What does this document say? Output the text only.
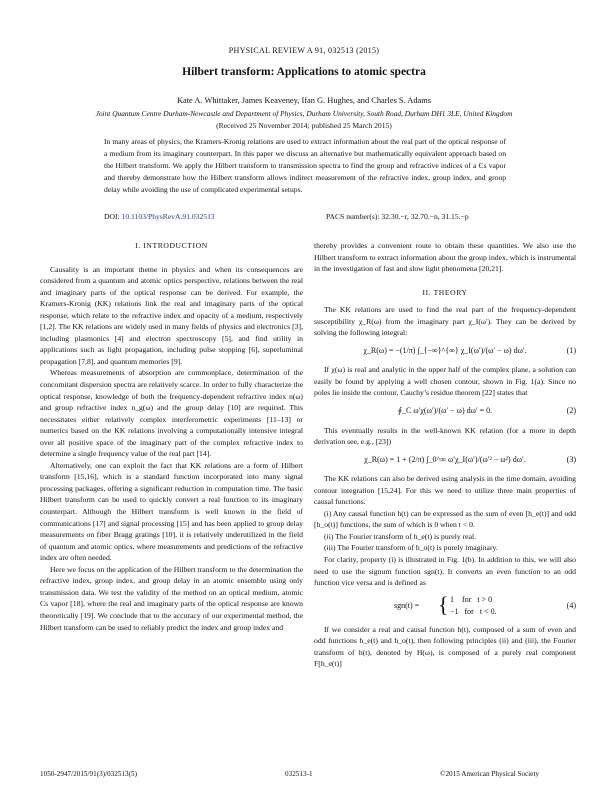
PHYSICAL REVIEW A 91, 032513 (2015)
Hilbert transform: Applications to atomic spectra
Kate A. Whittaker, James Keaveney, Ifan G. Hughes, and Charles S. Adams
Joint Quantum Centre Durham-Newcastle and Department of Physics, Durham University, South Road, Durham DH1 3LE, United Kingdom
(Received 25 November 2014; published 25 March 2015)
In many areas of physics, the Kramers-Kronig relations are used to extract information about the real part of the optical response of a medium from its imaginary counterpart. In this paper we discuss an alternative but mathematically equivalent approach based on the Hilbert transform. We apply the Hilbert transform to transmission spectra to find the group and refractive indices of a Cs vapor and thereby demonstrate how the Hilbert transform allows indirect measurement of the refractive index, group index, and group delay while avoiding the use of complicated experimental setups.
DOI: 10.1103/PhysRevA.91.032513	PACS number(s): 32.30.−r, 32.70.−n, 31.15.−p
I. INTRODUCTION

Causality is an important theme in physics and when its consequences are considered from a quantum and atomic optics perspective, relations between the real and imaginary parts of the optical response can be derived. For example, the Kramers-Kronig (KK) relations link the real and imaginary parts of the optical response, which relate to the refractive index and opacity of a medium, respectively [1,2]. The KK relations are widely used in many fields of physics and electronics [3], including plasmonics [4] and electron spectroscopy [5], and find utility in applications such as light propagation, including pulse stopping [6], superluminal propagation [7,8], and quantum memories [9].

Whereas measurements of absorption are commonplace, determination of the concomitant dispersion spectra are relatively scarce. In order to fully characterize the optical response, knowledge of both the frequency-dependent refractive index n(ω) and group refractive index n_g(ω) and the group delay [10] are required. This necessitates either relatively complex interferometric experiments [11–13] or numerics based on the KK relations involving a computationally intensive integral over all positive space of the imaginary part of the complex refractive index to determine a single frequency value of the real part [14].

Alternatively, one can exploit the fact that KK relations are a form of Hilbert transform [15,16], which is a standard function incorporated into many signal processing packages, offering a significant reduction in computation time. The basic Hilbert transform can be used to quickly convert a real function to its imaginary counterpart. Although the Hilbert transform is well known in the field of communications [17] and signal processing [15] and has been applied to group delay measurements on fiber Bragg gratings [10], it is relatively underutilized in the field of quantum and atomic optics, where measurements and predictions of the refractive index are often needed.

Here we focus on the application of the Hilbert transform to the determination the refractive index, group index, and group delay in an atomic ensemble using only transmission data. We test the validity of the method on an optical medium, atomic Cs vapor [18], where the real and imaginary parts of the optical response are known theoretically [19]. We conclude that to the accuracy of our experimental method, the Hilbert transform can be used to reliably predict the index and group index and

thereby provides a convenient route to obtain these quantities. We also use the Hilbert transform to extract information about the group index, which is instrumental in the investigation of fast and slow light phenomena [20,21].

II. THEORY

The KK relations are used to find the real part of the frequency-dependent susceptibility χ_R(ω) from the imaginary part χ_I(ω′). They can be derived by solving the following integral:

χ_R(ω) = −(1/π) ∫_{−∞}^{∞} χ_I(ω′)/(ω′ − ω) dω′.	(1)

If χ(ω) is real and analytic in the upper half of the complex plane, a solution can easily be found by applying a well chosen contour, shown in Fig. 1(a). Since no poles lie inside the contour, Cauchy’s residue theorem [22] states that

∮_C ω′χ(ω′)/(ω′ − ω) dω′ = 0.	(2)

This eventually results in the well-known KK relation (for a more in depth derivation see, e.g., [23])

χ_R(ω) = 1 + (2/π) ∫_0^∞ ω′χ_I(ω′)/(ω′² − ω²) dω′.	(3)

The KK relations can also be derived using analysis in the time domain, avoiding contour integration [15,24]. For this we need to utilize three main properties of causal functions.

(i) Any causal function h(t) can be expressed as the sum of even [h_e(t)] and odd [h_o(t)] functions, the sum of which is 0 when t < 0.

(ii) The Fourier transform of h_e(t) is purely real.

(iii) The Fourier transform of h_o(t) is purely imaginary.

For clarity, property (i) is illustrated in Fig. 1(b). In addition to this, we will also need to use the signum function sgn(t). It converts an even function to an odd function vice versa and is defined as

sgn(t) = { 1    for   t > 0
−1   for   t < 0.
(4)

If we consider a real and causal function h(t), composed of a sum of even and odd functions h_e(t) and h_o(t), then following principles (ii) and (iii), the Fourier transform of h(t), denoted by H(ω), is composed of a purely real component F[h_e(t)]

1050-2947/2015/91(3)/032513(5)	032513-1	©2015 American Physical Society
